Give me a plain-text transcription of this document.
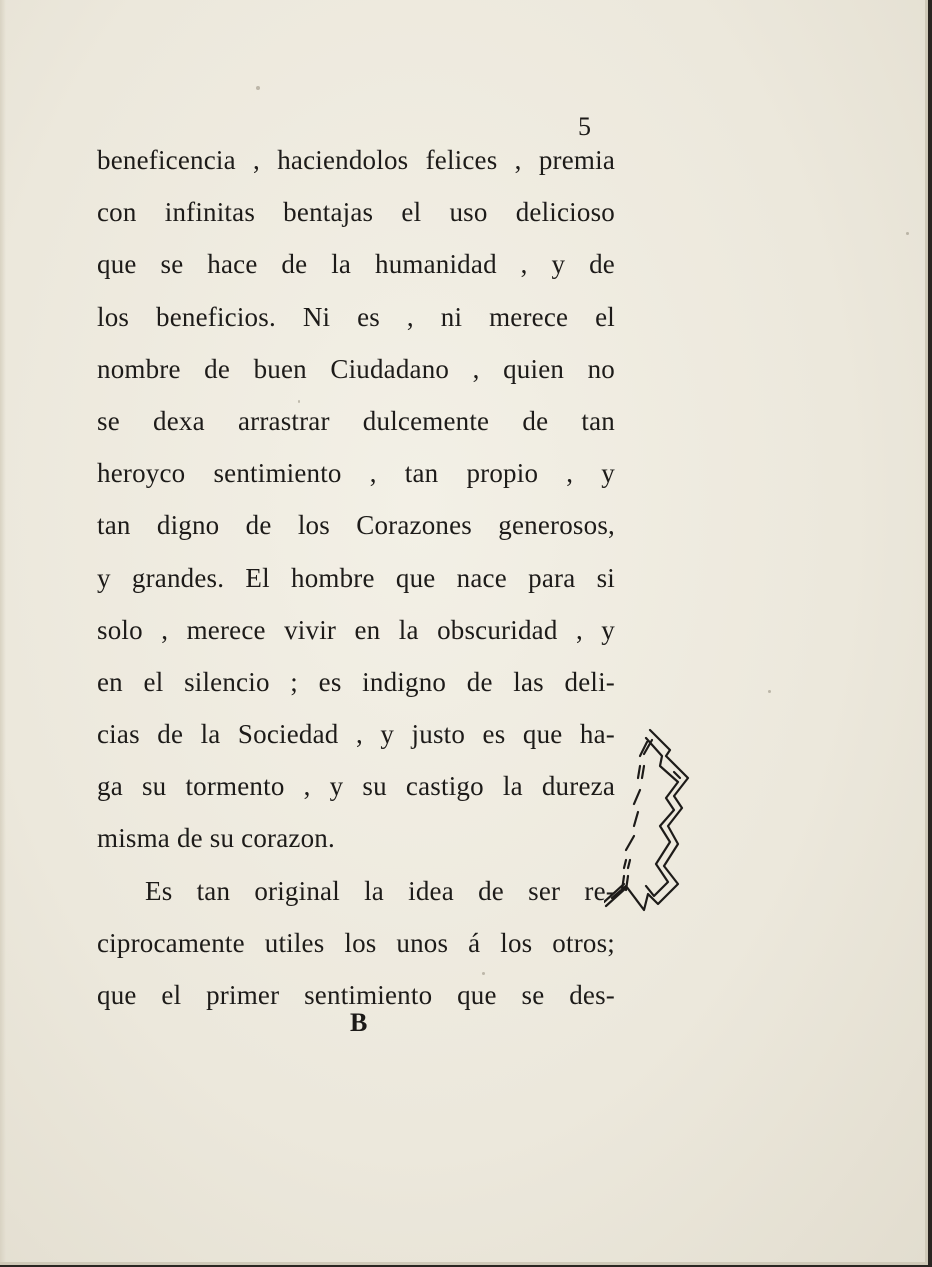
5

beneficencia , haciendolos felices , premia
con infinitas bentajas el uso delicioso
que se hace de la humanidad , y de
los beneficios. Ni es , ni merece el
nombre de buen Ciudadano , quien no
se dexa arrastrar dulcemente de tan
heroyco sentimiento , tan propio , y
tan digno de los Corazones generosos,
y grandes. El hombre que nace para si
solo , merece vivir en la obscuridad , y
en el silencio ; es indigno de las deli-
cias de la Sociedad , y justo es que ha-
ga su tormento , y su castigo la dureza
misma de su corazon.
Es tan original la idea de ser re-
ciprocamente utiles los unos á los otros;
que el primer sentimiento que se des-

B
